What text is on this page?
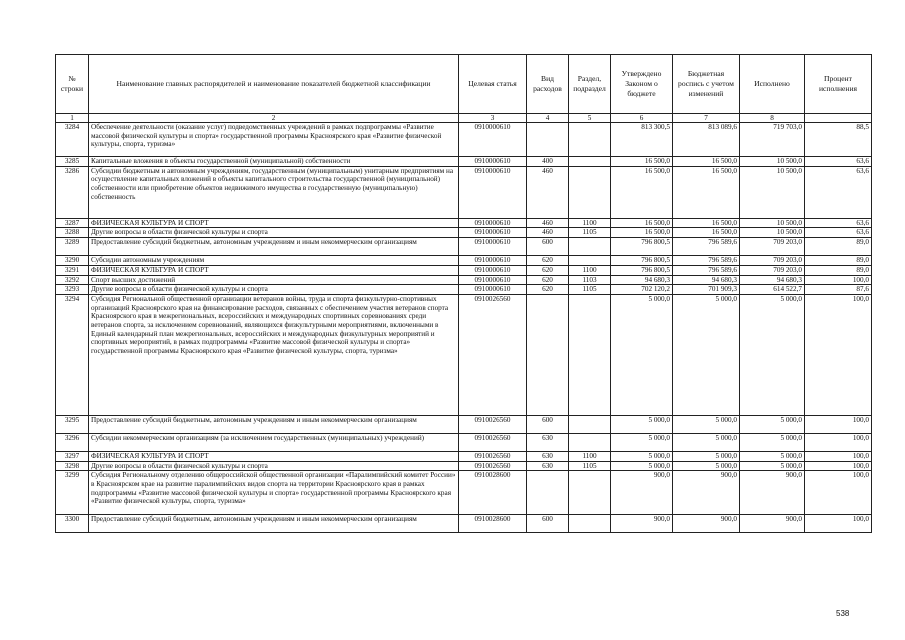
№ строки	Наименование главных распорядителей и наименование показателей бюджетной классификации	Целевая статья	Вид расходов	Раздел, подраздел	Утверждено Законом о бюджете	Бюджетная роспись с учетом изменений	Исполнено	Процент исполнения
1	2	3	4	5	6	7	8	
3284	Обеспечение деятельности (оказание услуг) подведомственных учреждений в рамках подпрограммы «Развитие массовой физической культуры и спорта» государственной программы Красноярского края «Развитие физической культуры, спорта, туризма»	0910000610			813 300,5	813 089,6	719 703,0	88,5
3285	Капитальные вложения в объекты государственной (муниципальной) собственности	0910000610	400		16 500,0	16 500,0	10 500,0	63,6
3286	Субсидии бюджетным и автономным учреждениям, государственным (муниципальным) унитарным предприятиям на осуществление капитальных вложений в объекты капитального строительства государственной (муниципальной) собственности или приобретение объектов недвижимого имущества в государственную (муниципальную) собственность	0910000610	460		16 500,0	16 500,0	10 500,0	63,6
3287	ФИЗИЧЕСКАЯ КУЛЬТУРА И СПОРТ	0910000610	460	1100	16 500,0	16 500,0	10 500,0	63,6
3288	Другие вопросы в области физической культуры и спорта	0910000610	460	1105	16 500,0	16 500,0	10 500,0	63,6
3289	Предоставление субсидий бюджетным, автономным учреждениям и иным некоммерческим организациям	0910000610	600		796 800,5	796 589,6	709 203,0	89,0
3290	Субсидии автономным учреждениям	0910000610	620		796 800,5	796 589,6	709 203,0	89,0
3291	ФИЗИЧЕСКАЯ КУЛЬТУРА И СПОРТ	0910000610	620	1100	796 800,5	796 589,6	709 203,0	89,0
3292	Спорт высших достижений	0910000610	620	1103	94 680,3	94 680,3	94 680,3	100,0
3293	Другие вопросы в области физической культуры и спорта	0910000610	620	1105	702 120,2	701 909,3	614 522,7	87,6
3294	Субсидия Региональной общественной организации ветеранов войны, труда и спорта физкультурно-спортивных организаций Красноярского края на финансирование расходов, связанных с обеспечением участия ветеранов спорта Красноярского края в межрегиональных, всероссийских и международных спортивных соревнованиях среди ветеранов спорта, за исключением соревнований, являющихся физкультурными мероприятиями, включенными в Единый календарный план межрегиональных, всероссийских и международных физкультурных мероприятий и спортивных мероприятий, в рамках подпрограммы «Развитие массовой физической культуры и спорта» государственной программы Красноярского края «Развитие физической культуры, спорта, туризма»	0910026560			5 000,0	5 000,0	5 000,0	100,0
3295	Предоставление субсидий бюджетным, автономным учреждениям и иным некоммерческим организациям	0910026560	600		5 000,0	5 000,0	5 000,0	100,0
3296	Субсидии некоммерческим организациям (за исключением государственных (муниципальных) учреждений)	0910026560	630		5 000,0	5 000,0	5 000,0	100,0
3297	ФИЗИЧЕСКАЯ КУЛЬТУРА И СПОРТ	0910026560	630	1100	5 000,0	5 000,0	5 000,0	100,0
3298	Другие вопросы в области физической культуры и спорта	0910026560	630	1105	5 000,0	5 000,0	5 000,0	100,0
3299	Субсидия Региональному отделению общероссийской общественной организации «Паралимпийский комитет России» в Красноярском крае на развитие паралимпийских видов спорта на территории Красноярского края в рамках подпрограммы «Развитие массовой физической культуры и спорта» государственной программы Красноярского края «Развитие физической культуры, спорта, туризма»	0910028600			900,0	900,0	900,0	100,0
3300	Предоставление субсидий бюджетным, автономным учреждениям и иным некоммерческим организациям	0910028600	600		900,0	900,0	900,0	100,0
538
